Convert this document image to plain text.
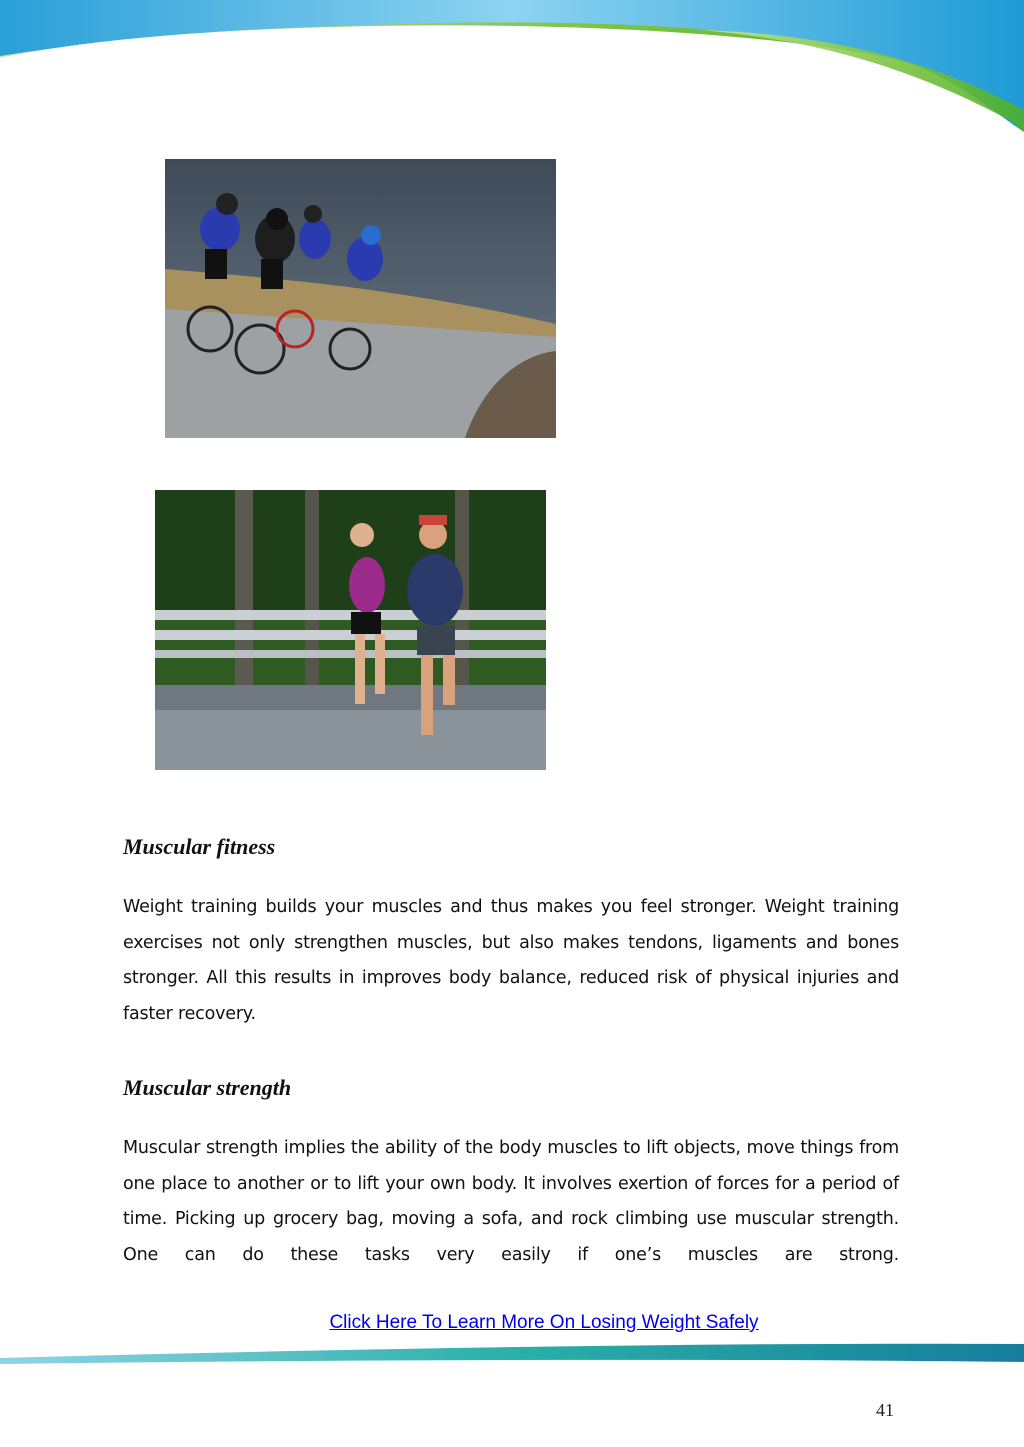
Muscular fitness

Weight training builds your muscles and thus makes you feel stronger. Weight training exercises not only strengthen muscles, but also makes tendons, ligaments and bones stronger. All this results in improves body balance, reduced risk of physical injuries and faster recovery.

Muscular strength

Muscular strength implies the ability of the body muscles to lift objects, move things from one place to another or to lift your own body. It involves exertion of forces for a period of time. Picking up grocery bag, moving a sofa, and rock climbing use muscular strength. One can do these tasks very easily if one’s muscles are strong.

Click Here To Learn More On Losing Weight Safely
41
